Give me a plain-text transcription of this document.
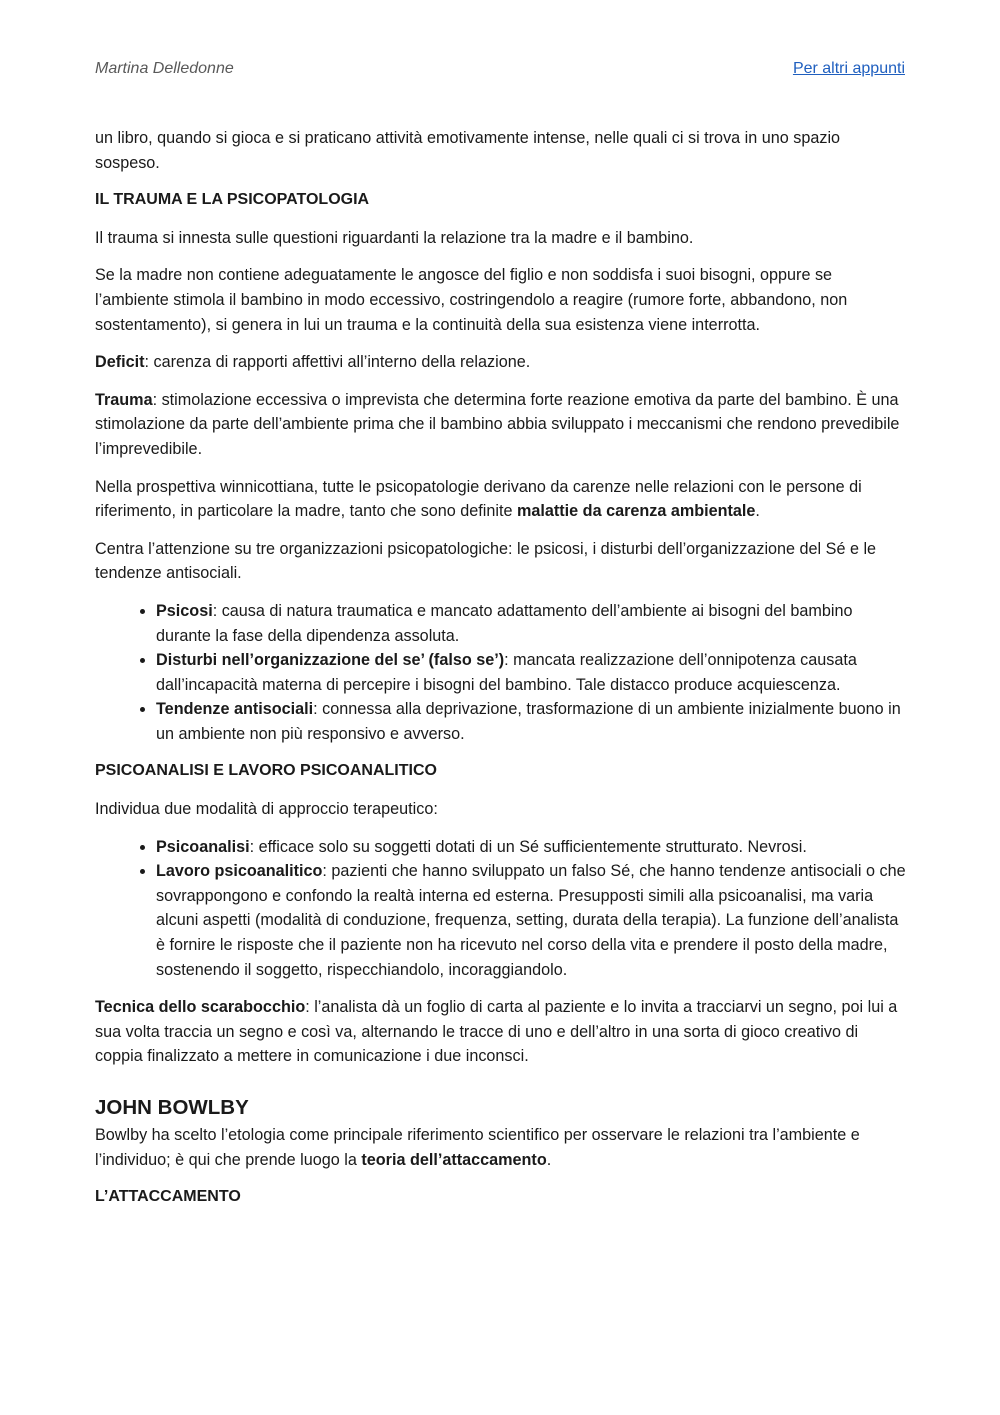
Martina Delledonne	Per altri appunti

un libro, quando si gioca e si praticano attività emotivamente intense, nelle quali ci si trova in uno spazio sospeso.

IL TRAUMA E LA PSICOPATOLOGIA

Il trauma si innesta sulle questioni riguardanti la relazione tra la madre e il bambino.

Se la madre non contiene adeguatamente le angosce del figlio e non soddisfa i suoi bisogni, oppure se l’ambiente stimola il bambino in modo eccessivo, costringendolo a reagire (rumore forte, abbandono, non sostentamento), si genera in lui un trauma e la continuità della sua esistenza viene interrotta.

Deficit: carenza di rapporti affettivi all’interno della relazione.

Trauma: stimolazione eccessiva o imprevista che determina forte reazione emotiva da parte del bambino. È una stimolazione da parte dell’ambiente prima che il bambino abbia sviluppato i meccanismi che rendono prevedibile l’imprevedibile.

Nella prospettiva winnicottiana, tutte le psicopatologie derivano da carenze nelle relazioni con le persone di riferimento, in particolare la madre, tanto che sono definite malattie da carenza ambientale.

Centra l’attenzione su tre organizzazioni psicopatologiche: le psicosi, i disturbi dell’organizzazione del Sé e le tendenze antisociali.

• Psicosi: causa di natura traumatica e mancato adattamento dell’ambiente ai bisogni del bambino durante la fase della dipendenza assoluta.
• Disturbi nell’organizzazione del se’ (falso se’): mancata realizzazione dell’onnipotenza causata dall’incapacità materna di percepire i bisogni del bambino. Tale distacco produce acquiescenza.
• Tendenze antisociali: connessa alla deprivazione, trasformazione di un ambiente inizialmente buono in un ambiente non più responsivo e avverso.
PSICOANALISI E LAVORO PSICOANALITICO

Individua due modalità di approccio terapeutico:

• Psicoanalisi: efficace solo su soggetti dotati di un Sé sufficientemente strutturato. Nevrosi.
• Lavoro psicoanalitico: pazienti che hanno sviluppato un falso Sé, che hanno tendenze antisociali o che sovrappongono e confondo la realtà interna ed esterna. Presupposti simili alla psicoanalisi, ma varia alcuni aspetti (modalità di conduzione, frequenza, setting, durata della terapia). La funzione dell’analista è fornire le risposte che il paziente non ha ricevuto nel corso della vita e prendere il posto della madre, sostenendo il soggetto, rispecchiandolo, incoraggiandolo.

Tecnica dello scarabocchio: l’analista dà un foglio di carta al paziente e lo invita a tracciarvi un segno, poi lui a sua volta traccia un segno e così va, alternando le tracce di uno e dell’altro in una sorta di gioco creativo di coppia finalizzato a mettere in comunicazione i due inconsci.

JOHN BOWLBY

Bowlby ha scelto l’etologia come principale riferimento scientifico per osservare le relazioni tra l’ambiente e l’individuo; è qui che prende luogo la teoria dell’attaccamento.

L’ATTACCAMENTO
